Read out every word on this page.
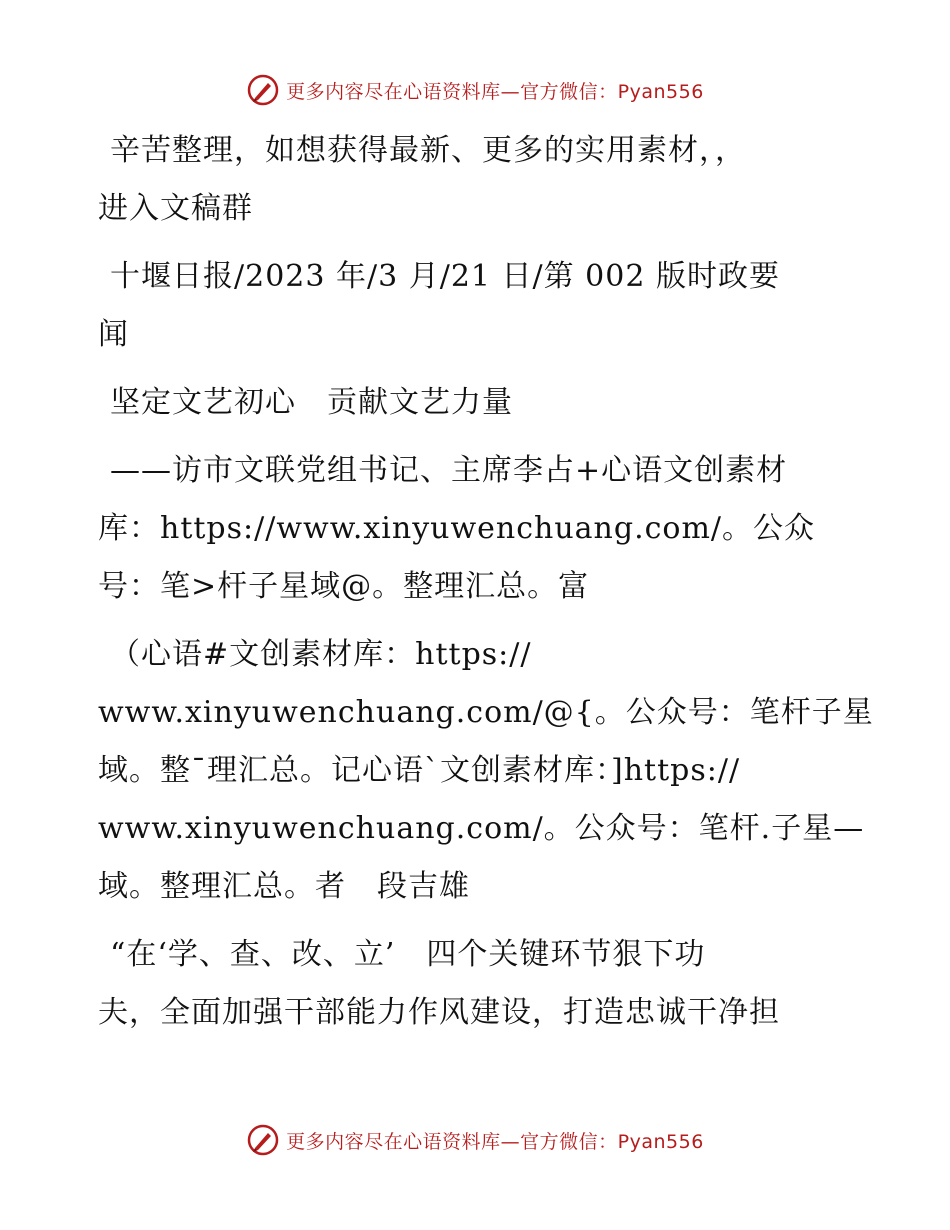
更多内容尽在心语资料库—官方微信：Pyan556

辛苦整理，如想获得最新、更多的实用素材，，
进入文稿群

十堰日报/2023 年/3 月/21 日/第 002 版时政要
闻

坚定文艺初心　贡献文艺力量

——访市文联党组书记、主席李占+心语文创素材
库：https://www.xinyuwenchuang.com/。公众
号：笔>杆子星域@。整理汇总。富

（心语#文创素材库：https://
www.xinyuwenchuang.com/@{。公众号：笔杆子星
域。整¯理汇总。记心语`文创素材库：]https://
www.xinyuwenchuang.com/。公众号：笔杆.子星—
域。整理汇总。者　段吉雄

“在‘学、查、改、立’　四个关键环节狠下功
夫，全面加强干部能力作风建设，打造忠诚干净担

更多内容尽在心语资料库—官方微信：Pyan556
